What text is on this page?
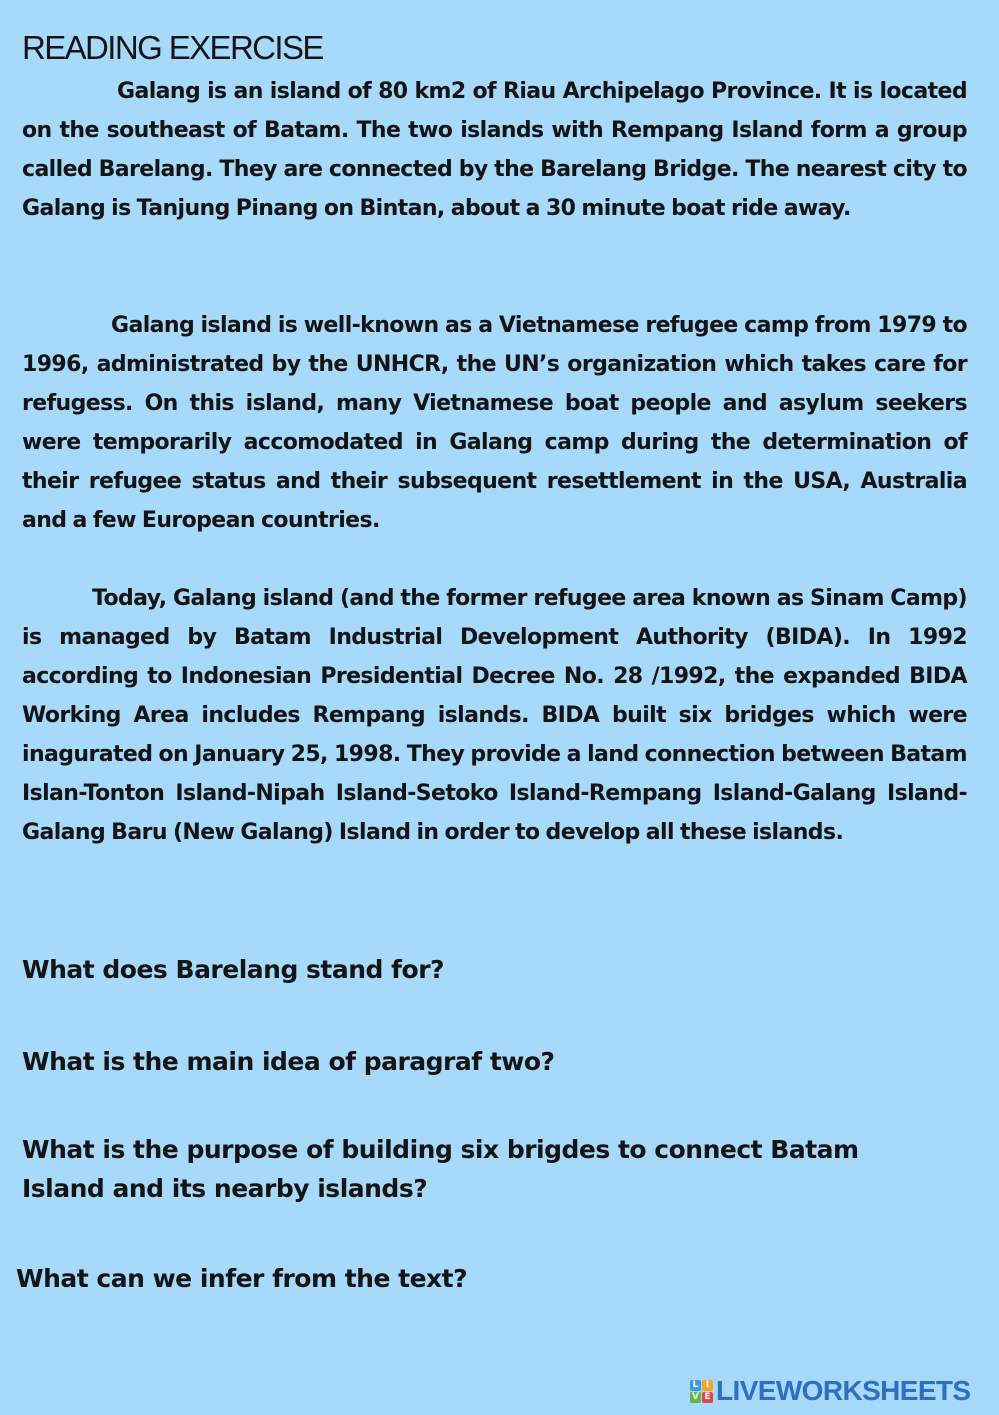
READING EXERCISE

Galang is an island of 80 km2 of Riau Archipelago Province. It is located on the southeast of Batam. The two islands with Rempang Island form a group called Barelang. They are connected by the Barelang Bridge. The nearest city to Galang is Tanjung Pinang on Bintan, about a 30 minute boat ride away.

Galang island is well-known as a Vietnamese refugee camp from 1979 to 1996, administrated by the UNHCR, the UN’s organization which takes care for refugess. On this island, many Vietnamese boat people and asylum seekers were temporarily accomodated in Galang camp during the determination of their refugee status and their subsequent resettlement in the USA, Australia and a few European countries.

Today, Galang island (and the former refugee area known as Sinam Camp) is managed by Batam Industrial Development Authority (BIDA). In 1992 according to Indonesian Presidential Decree No. 28 /1992, the expanded BIDA Working Area includes Rempang islands. BIDA built six bridges which were inagurated on January 25, 1998. They provide a land connection between Batam Islan-Tonton Island-Nipah Island-Setoko Island-Rempang Island-Galang Island-Galang Baru (New Galang) Island in order to develop all these islands.

What does Barelang stand for?

What is the main idea of paragraf two?

What is the purpose of building six brigdes to connect Batam Island and its nearby islands?

What can we infer from the text?

L I
V E LIVEWORKSHEETS
